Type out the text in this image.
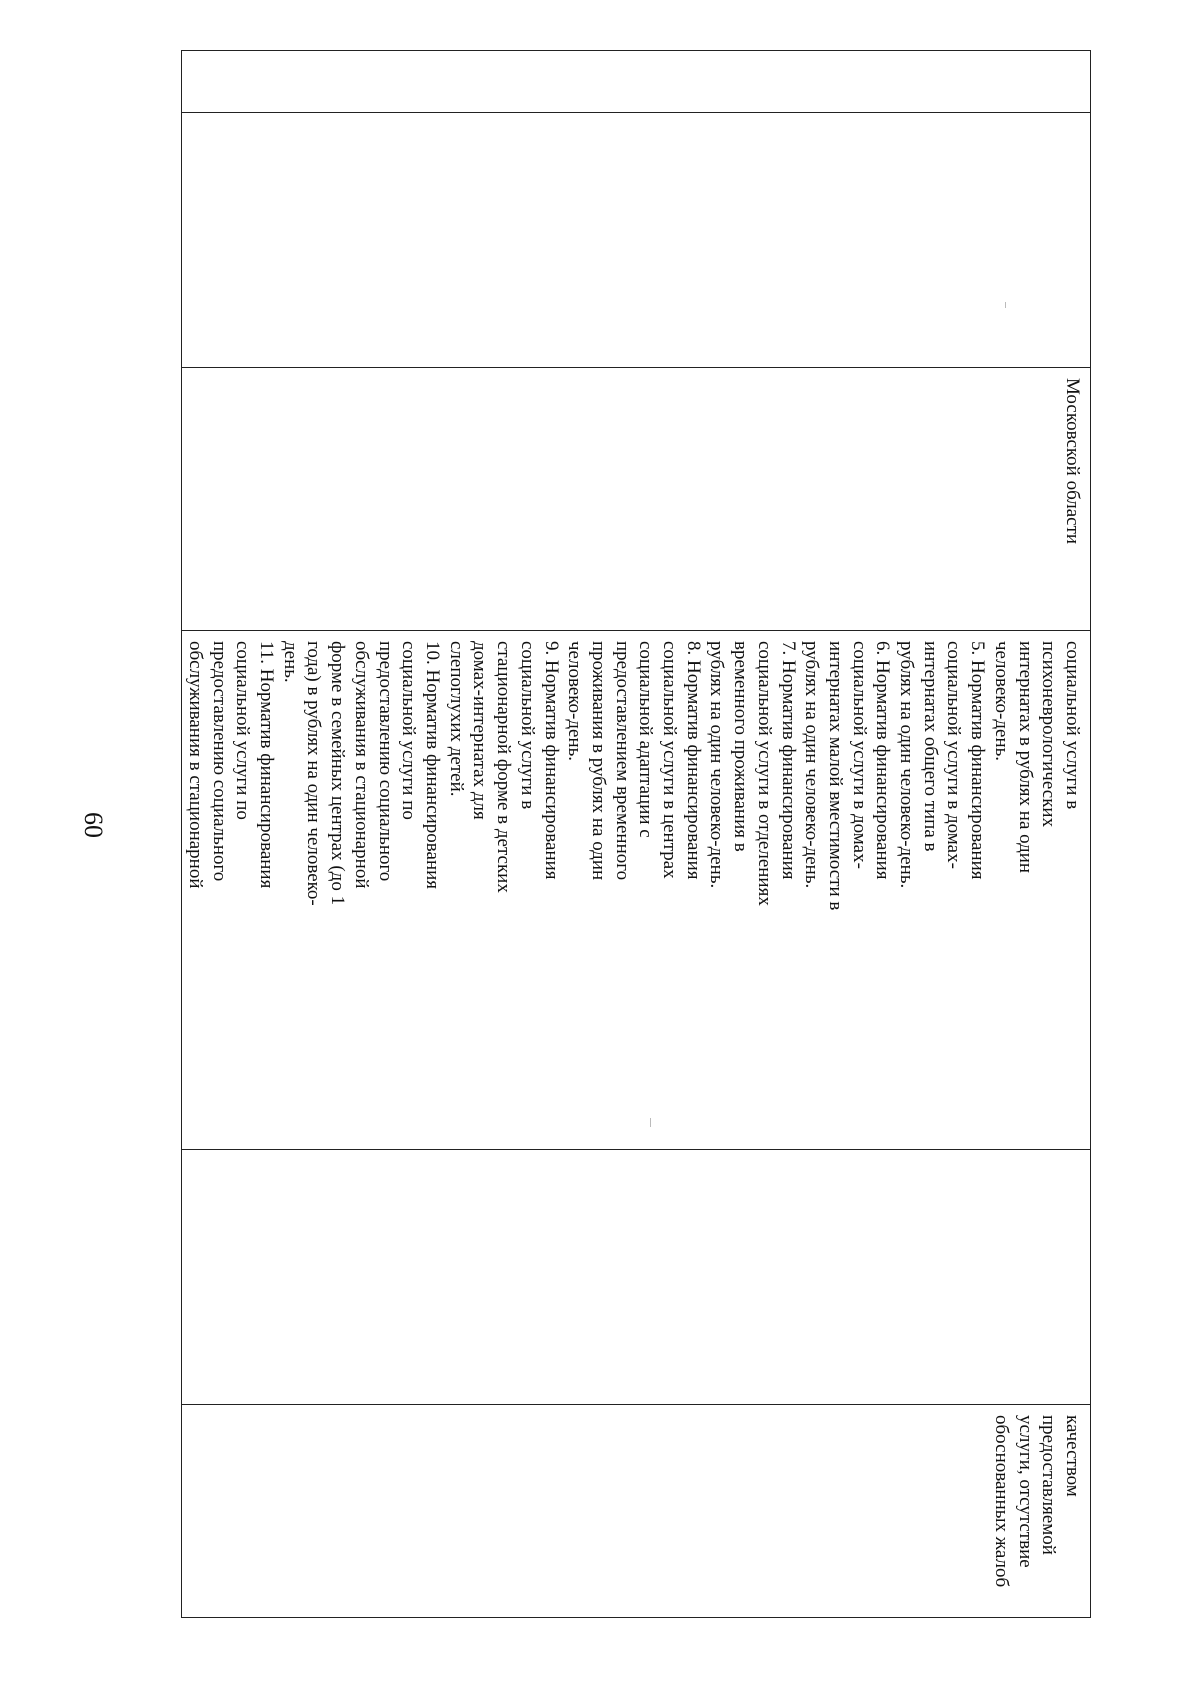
60

Московской области

социальной услуги в
психоневрологических
интернатах в рублях на один
человеко-день.
5. Норматив финансирования
социальной услуги в домах-
интернатах общего типа в
рублях на один человеко-день.
6. Норматив финансирования
социальной услуги в домах-
интернатах малой вместимости в
рублях на один человеко-день.
7. Норматив финансирования
социальной услуги в отделениях
временного проживания в
рублях на один человеко-день.
8. Норматив финансирования
социальной услуги в центрах
социальной адаптации с
предоставлением временного
проживания в рублях на один
человеко-день.
9. Норматив финансирования
социальной услуги в
стационарной форме в детских
домах-интернатах для
слепоглухих детей.
10. Норматив финансирования
социальной услуги по
предоставлению социального
обслуживания в стационарной
форме в семейных центрах (до 1
года) в рублях на один человеко-
день.
11. Норматив финансирования
социальной услуги по
предоставлению социального
обслуживания в стационарной

качеством
предоставляемой
услуги, отсутствие
обоснованных жалоб
